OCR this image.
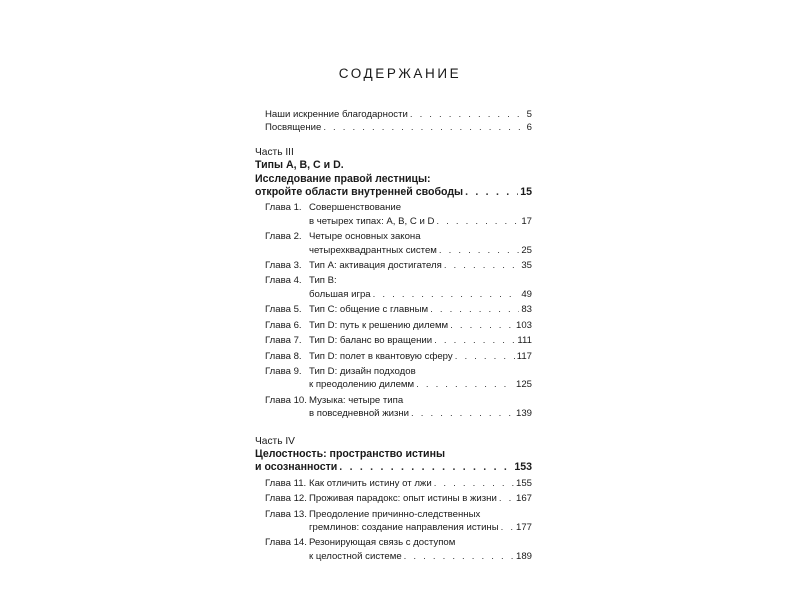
СОДЕРЖАНИЕ
Наши искренние благодарности . . .	5
Посвящение . . .	6
Часть III
Типы А, В, С и D.
Исследование правой лестницы:
откройте области внутренней свободы . . .	15
Глава 1. Совершенствование
в четырех типах: А, В, С и D . . .	17
Глава 2. Четыре основных закона
четырехквадрантных систем . . .	25
Глава 3. Тип А: активация достигателя . . .	35
Глава 4. Тип В:
большая игра . . .	49
Глава 5. Тип С: общение с главным . . .	83
Глава 6. Тип D: путь к решению дилемм . . .	103
Глава 7. Тип D: баланс во вращении . . .	111
Глава 8. Тип D: полет в квантовую сферу . . .	117
Глава 9. Тип D: дизайн подходов
к преодолению дилемм . . .	125
Глава 10. Музыка: четыре типа
в повседневной жизни . . .	139
Часть IV
Целостность: пространство истины
и осознанности . . .	153
Глава 11. Как отличить истину от лжи . . .	155
Глава 12. Проживая парадокс: опыт истины в жизни . . . 167
Глава 13. Преодоление причинно-следственных
гремлинов: создание направления истины . . . 177
Глава 14. Резонирующая связь с доступом
к целостной системе . . .	189
